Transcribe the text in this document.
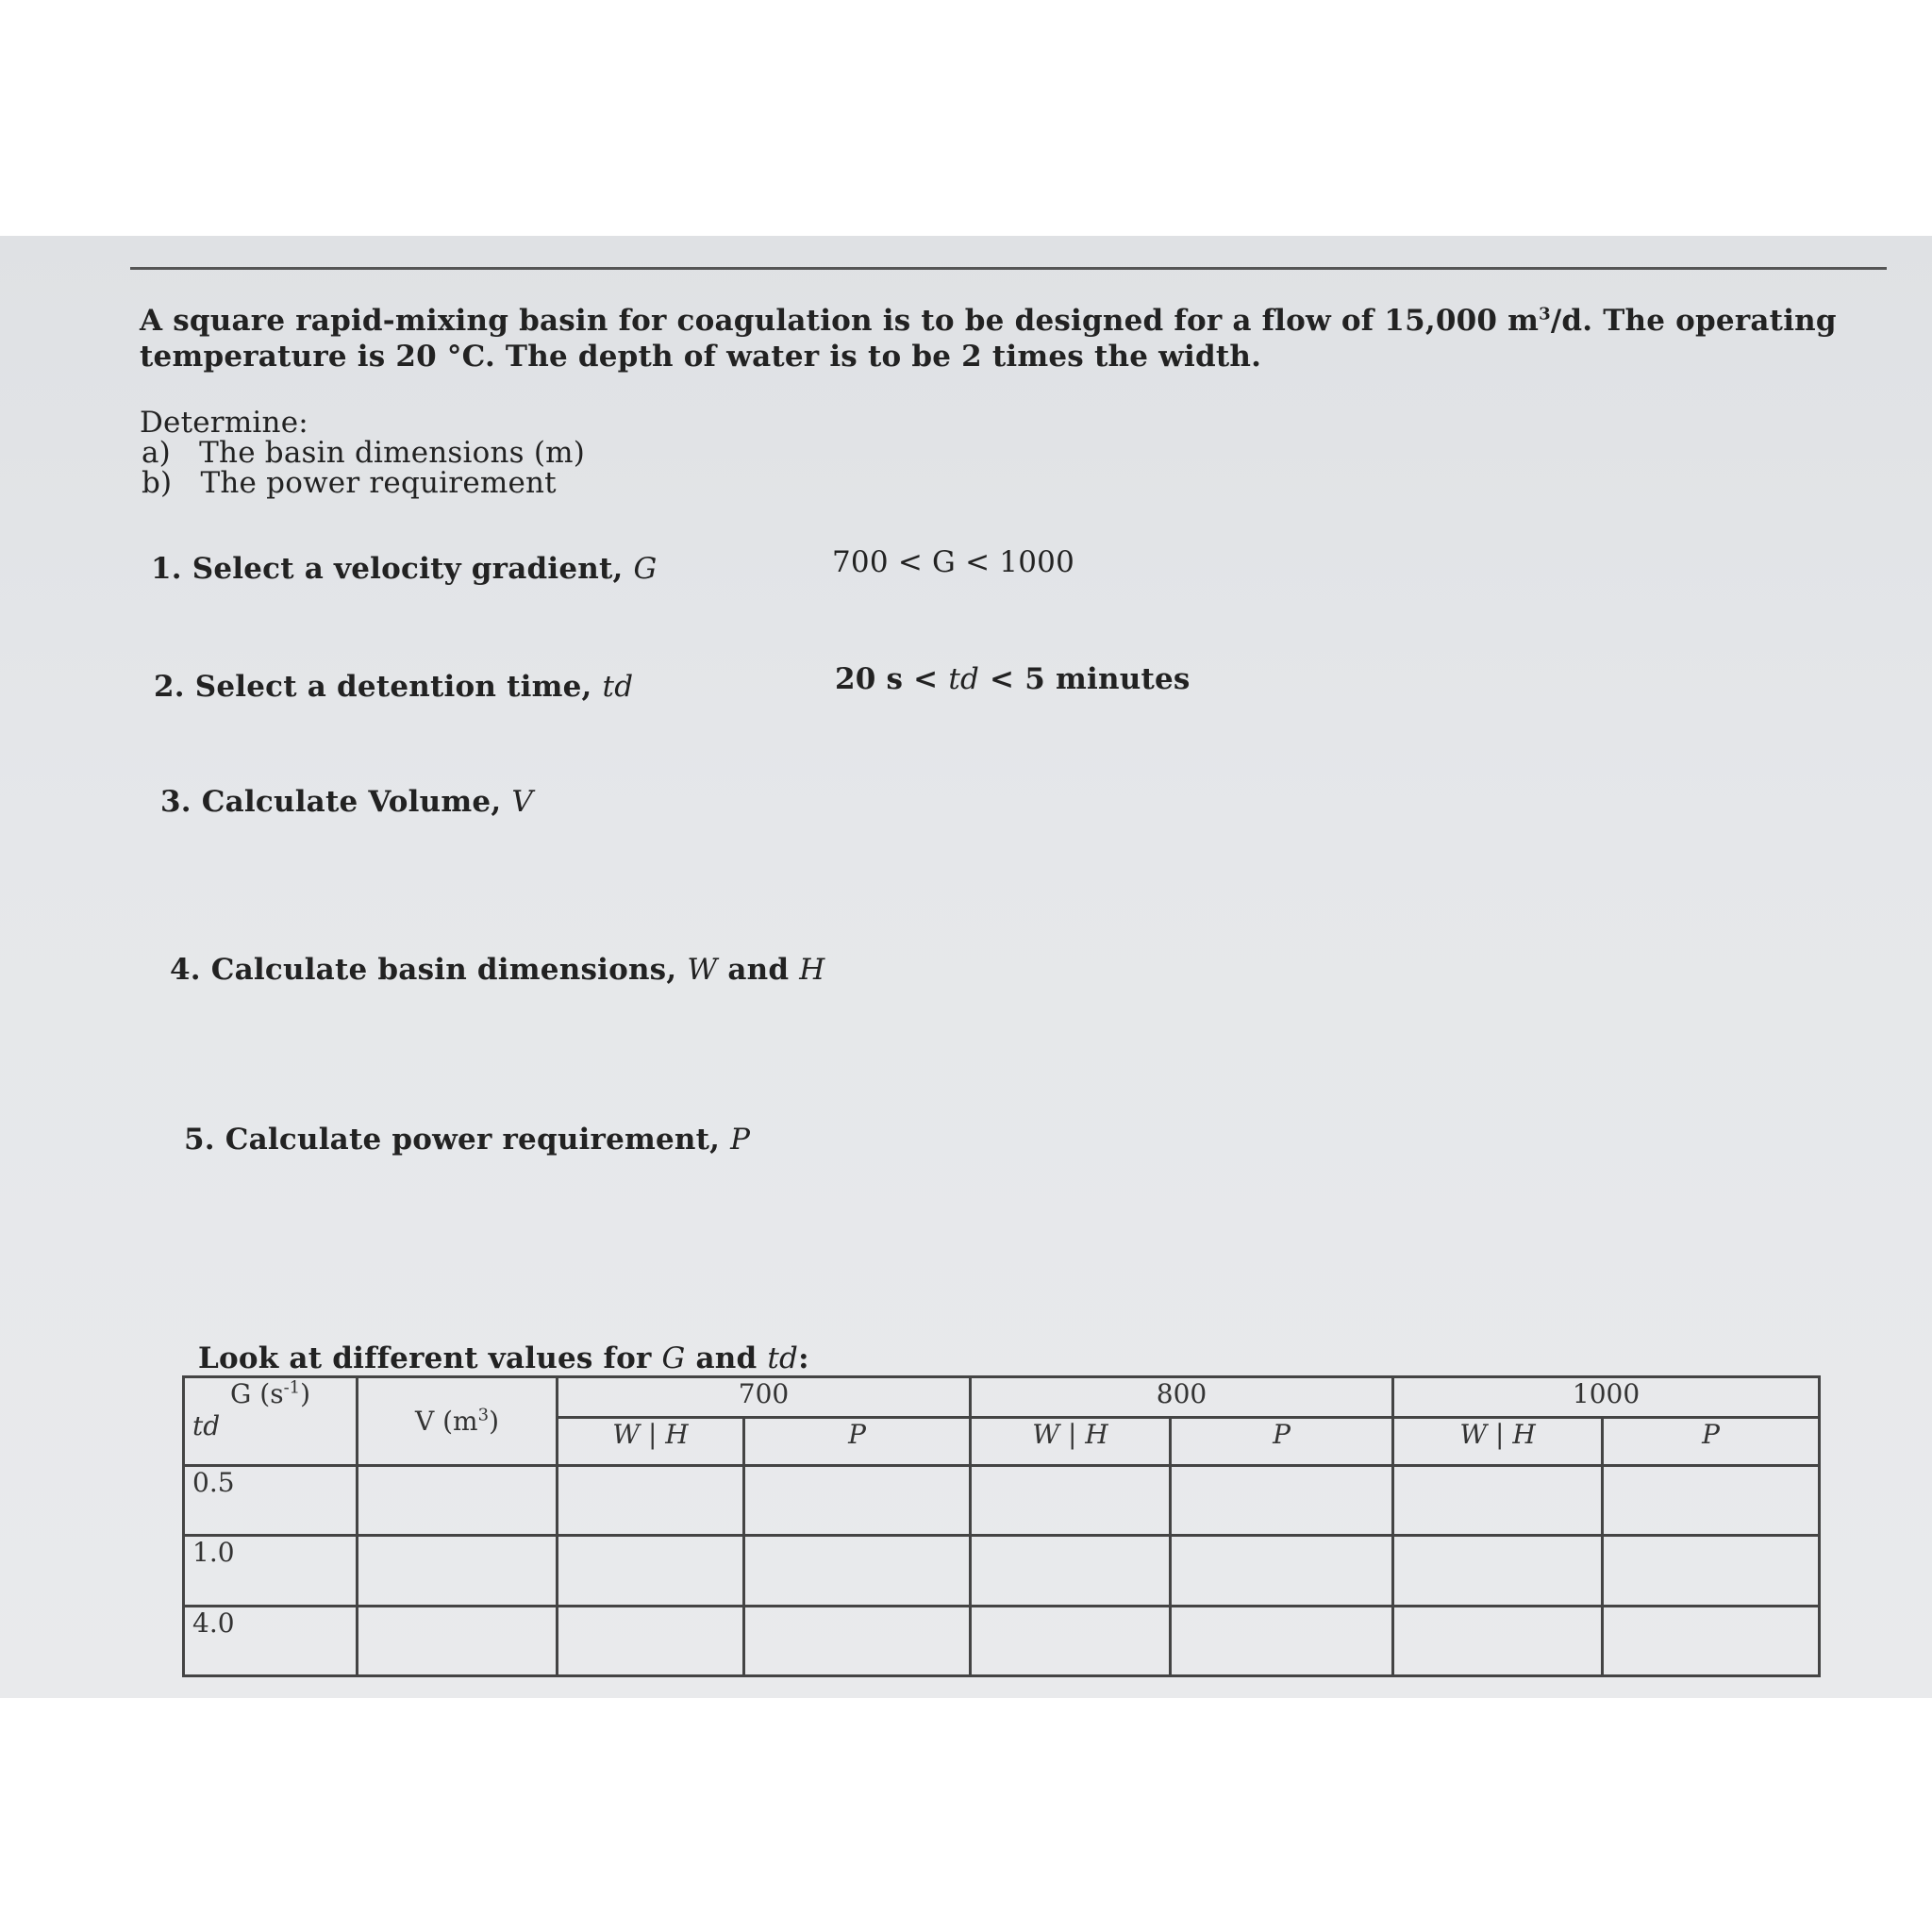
A square rapid-mixing basin for coagulation is to be designed for a flow of 15,000 $m^3/d$. The operating
temperature is 20 °C. The depth of water is to be 2 times the width.
Determine:
a) The basin dimensions (m)
b) The power requirement
1. Select a velocity gradient, G	700 < G < 1000
2. Select a detention time, td	20 s < td < 5 minutes
3. Calculate Volume, V
4. Calculate basin dimensions, W and H
5. Calculate power requirement, P
Look at different values for G and td:
G $(s^{-1})$
td	V $(m^3)$	700		800		1000	
		W | H	P	W | H	P	W | H	P
0.5							
1.0							
4.0							
